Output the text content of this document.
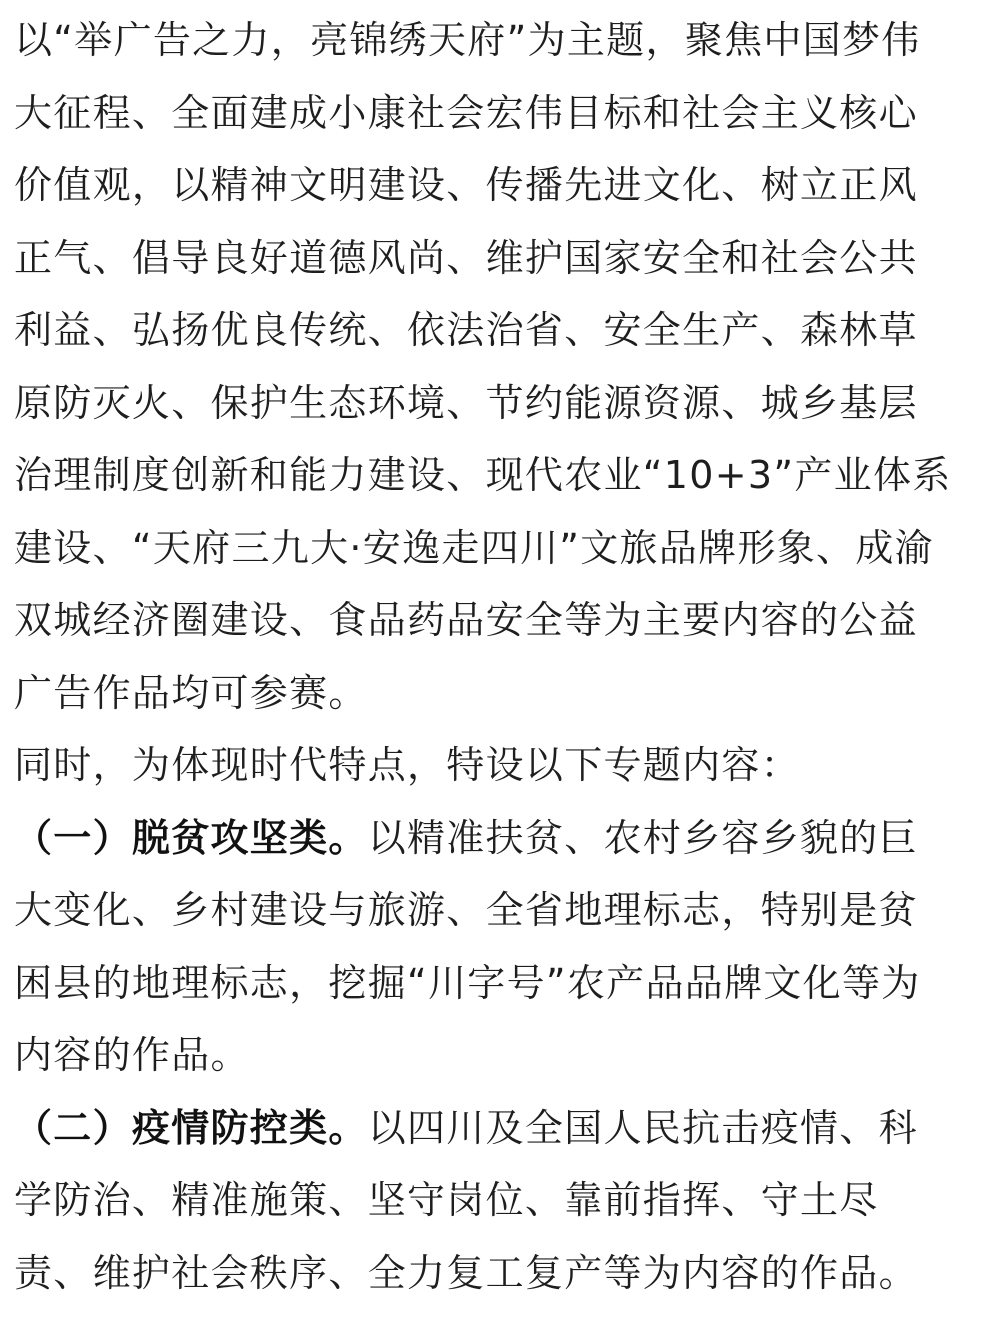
以“举广告之力，亮锦绣天府”为主题，聚焦中国梦伟
大征程、全面建成小康社会宏伟目标和社会主义核心
价值观，以精神文明建设、传播先进文化、树立正风
正气、倡导良好道德风尚、维护国家安全和社会公共
利益、弘扬优良传统、依法治省、安全生产、森林草
原防灭火、保护生态环境、节约能源资源、城乡基层
治理制度创新和能力建设、现代农业“10+3”产业体系
建设、“天府三九大·安逸走四川”文旅品牌形象、成渝
双城经济圈建设、食品药品安全等为主要内容的公益
广告作品均可参赛。

同时，为体现时代特点，特设以下专题内容：

（一）脱贫攻坚类。以精准扶贫、农村乡容乡貌的巨
大变化、乡村建设与旅游、全省地理标志，特别是贫
困县的地理标志，挖掘“川字号”农产品品牌文化等为
内容的作品。

（二）疫情防控类。以四川及全国人民抗击疫情、科
学防治、精准施策、坚守岗位、靠前指挥、守土尽
责、维护社会秩序、全力复工复产等为内容的作品。
